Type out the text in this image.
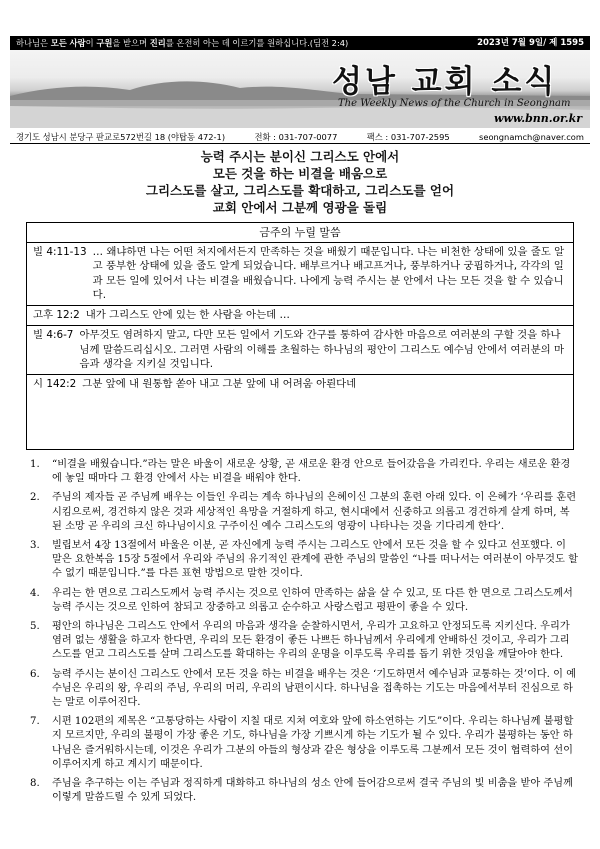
하나님은 모든 사람이 구원을 받으며 진리를 온전히 아는 데 이르기를 원하십니다.(딤전 2:4)	2023년 7월 9일/ 제 1595
성남 교회 소식
The Weekly News of the Church in Seongnam
www.bnn.or.kr
경기도 성남시 분당구 판교로572번길 18 (야탑동 472-1)	전화 : 031-707-0077	팩스 : 031-707-2595	seongnamch@naver.com
능력 주시는 분이신 그리스도 안에서
모든 것을 하는 비결을 배움으로
그리스도를 살고, 그리스도를 확대하고, 그리스도를 얻어
교회 안에서 그분께 영광을 돌림
금주의 누릴 말씀
빌 4:11-13 … 왜냐하면 나는 어떤 처지에서든지 만족하는 것을 배웠기 때문입니다. 나는 비천한 상태에 있을 줄도 알고 풍부한 상태에 있을 줄도 알게 되었습니다. 배부르거나 배고프거나, 풍부하거나 궁핍하거나, 각각의 일과 모든 일에 있어서 나는 비결을 배웠습니다. 나에게 능력 주시는 분 안에서 나는 모든 것을 할 수 있습니다.
고후 12:2 내가 그리스도 안에 있는 한 사람을 아는데 …
빌 4:6-7 아무것도 염려하지 말고, 다만 모든 일에서 기도와 간구를 통하여 감사한 마음으로 여러분의 구할 것을 하나님께 말씀드리십시오. 그러면 사람의 이해를 초월하는 하나님의 평안이 그리스도 예수님 안에서 여러분의 마음과 생각을 지키실 것입니다.
시 142:2 그분 앞에 내 원통함 쏟아 내고 그분 앞에 내 어려움 아뢴다네
1.	“비결을 배웠습니다.”라는 말은 바울이 새로운 상황, 곧 새로운 환경 안으로 들어갔음을 가리킨다. 우리는 새로운 환경에 놓일 때마다 그 환경 안에서 사는 비결을 배워야 한다.
2.	주님의 제자들 곧 주님께 배우는 이들인 우리는 계속 하나님의 은혜이신 그분의 훈련 아래 있다. 이 은혜가 ‘우리를 훈련시킴으로써, 경건하지 않은 것과 세상적인 욕망을 거절하게 하고, 현시대에서 신중하고 의롭고 경건하게 살게 하며, 복된 소망 곧 우리의 크신 하나님이시요 구주이신 예수 그리스도의 영광이 나타나는 것을 기다리게 한다’.
3.	빌립보서 4장 13절에서 바울은 이분, 곧 자신에게 능력 주시는 그리스도 안에서 모든 것을 할 수 있다고 선포했다. 이 말은 요한복음 15장 5절에서 우리와 주님의 유기적인 관계에 관한 주님의 말씀인 “나를 떠나서는 여러분이 아무것도 할 수 없기 때문입니다.”를 다른 표현 방법으로 말한 것이다.
4.	우리는 한 면으로 그리스도께서 능력 주시는 것으로 인하여 만족하는 삶을 살 수 있고, 또 다른 한 면으로 그리스도께서 능력 주시는 것으로 인하여 참되고 장중하고 의롭고 순수하고 사랑스럽고 평판이 좋을 수 있다.
5.	평안의 하나님은 그리스도 안에서 우리의 마음과 생각을 순찰하시면서, 우리가 고요하고 안정되도록 지키신다. 우리가 염려 없는 생활을 하고자 한다면, 우리의 모든 환경이 좋든 나쁘든 하나님께서 우리에게 안배하신 것이고, 우리가 그리스도를 얻고 그리스도를 살며 그리스도를 확대하는 우리의 운명을 이루도록 우리를 돕기 위한 것임을 깨달아야 한다.
6.	능력 주시는 분이신 그리스도 안에서 모든 것을 하는 비결을 배우는 것은 ‘기도하면서 예수님과 교통하는 것’이다. 이 예수님은 우리의 왕, 우리의 주님, 우리의 머리, 우리의 남편이시다. 하나님을 접촉하는 기도는 마음에서부터 진심으로 하는 말로 이루어진다.
7.	시편 102편의 제목은 “고통당하는 사람이 지칠 대로 지쳐 여호와 앞에 하소연하는 기도”이다. 우리는 하나님께 불평할지 모르지만, 우리의 불평이 가장 좋은 기도, 하나님을 가장 기쁘시게 하는 기도가 될 수 있다. 우리가 불평하는 동안 하나님은 즐거워하시는데, 이것은 우리가 그분의 아들의 형상과 같은 형상을 이루도록 그분께서 모든 것이 협력하여 선이 이루어지게 하고 계시기 때문이다.
8.	주님을 추구하는 이는 주님과 정직하게 대화하고 하나님의 성소 안에 들어감으로써 결국 주님의 빛 비춤을 받아 주님께 이렇게 말씀드릴 수 있게 되었다.
